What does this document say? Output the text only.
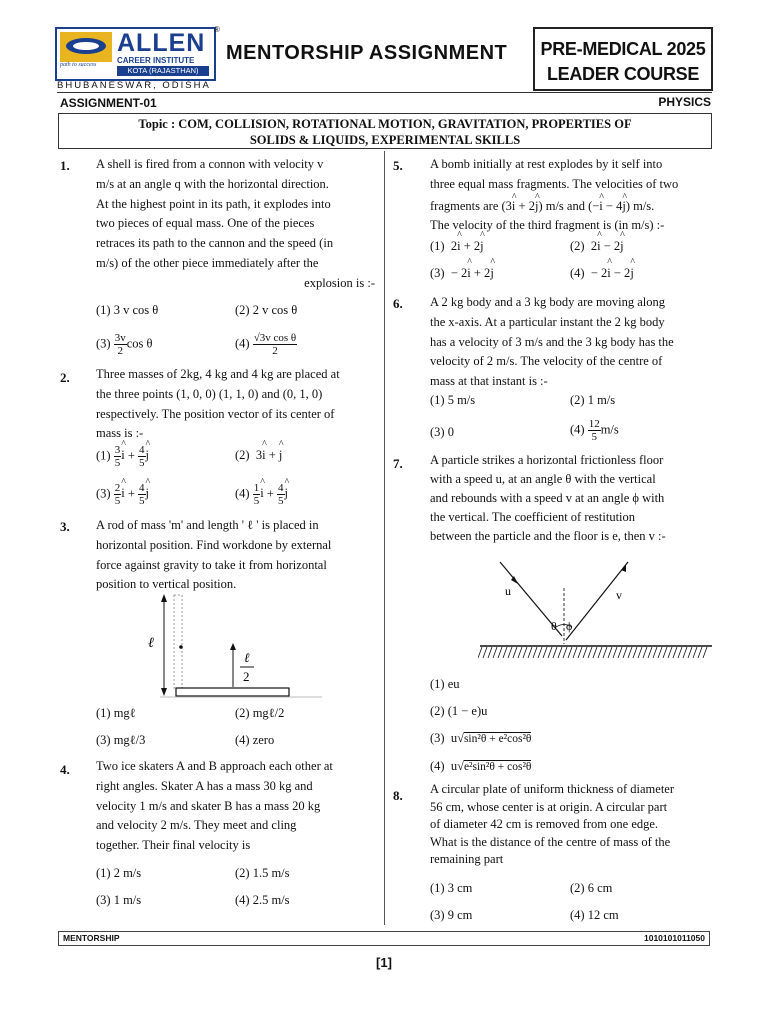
path to success
ALLEN
CAREER INSTITUTE
KOTA (RAJASTHAN)
®
BHUBANESWAR, ODISHA
MENTORSHIP ASSIGNMENT	PRE-MEDICAL 2025
LEADER COURSE
ASSIGNMENT-01	PHYSICS
Topic : COM, COLLISION, ROTATIONAL MOTION, GRAVITATION, PROPERTIES OF
SOLIDS & LIQUIDS, EXPERIMENTAL SKILLS
1. A shell is fired from a connon with velocity v
m/s at an angle q with the horizontal direction.
At the highest point in its path, it explodes into
two pieces of equal mass. One of the pieces
retraces its path to the cannon and the speed (in
m/s) of the other piece immediately after the
explosion is :-
(1) 3 v cos θ	(2) 2 v cos θ
$(3) \frac{3v}{2}$ cos θ	$(4) \frac{\text{√3v cos θ}}{2}$
2. Three masses of 2kg, 4 kg and 4 kg are placed at
the three points (1, 0, 0) (1, 1, 0) and (0, 1, 0)
respectively. The position vector of its center of
mass is :-
$(1) \frac{3}{5}$ ^ $i + \frac{4}{5}$ ^ j	(2) 3^ i + ^ j
$(3) \frac{2}{5}$ ^ $i + \frac{4}{5}$ ^ j	$(4) \frac{1}{5}$ ^ $i + \frac{4}{5}$ ^ j
3. A rod of mass 'm' and length ' ℓ ' is placed in
horizontal position. Find workdone by external
force against gravity to take it from horizontal
position to vertical position.
ℓ
ℓ
2
(1) mgℓ	(2) mgℓ/2
(3) mgℓ/3	(4) zero
4. Two ice skaters A and B approach each other at
right angles. Skater A has a mass 30 kg and
velocity 1 m/s and skater B has a mass 20 kg
and velocity 2 m/s. They meet and cling
together. Their final velocity is
(1) 2 m/s	(2) 1.5 m/s
(3) 1 m/s	(4) 2.5 m/s
5. A bomb initially at rest explodes by it self into
three equal mass fragments. The velocities of two
fragments are (3^ i + 2^ j) m/s and (−^ i − 4^ j) m/s.
The velocity of the third fragment is (in m/s) :-
(1) 2^ i + 2^ j	(2) 2^ i − 2^ j
(3) − 2^ i + 2^ j	(4) − 2^ i − 2^ j
6. A 2 kg body and a 3 kg body are moving along
the x-axis. At a particular instant the 2 kg body
has a velocity of 3 m/s and the 3 kg body has the
velocity of 2 m/s. The velocity of the centre of
mass at that instant is :-
(1) 5 m/s	(2) 1 m/s
(3) 0	$(4) \frac{12}{5} m/s$
7. A particle strikes a horizontal frictionless floor
with a speed u, at an angle θ with the vertical
and rebounds with a speed v at an angle ϕ with
the vertical. The coefficient of restitution
between the particle and the floor is e, then v :-
u	v
θ ϕ
(1) eu
(2) (1 − e)u
(3) u√sin²θ + e²cos²θ
(4) u√e²sin²θ + cos²θ
8. A circular plate of uniform thickness of diameter
56 cm, whose center is at origin. A circular part
of diameter 42 cm is removed from one edge.
What is the distance of the centre of mass of the
remaining part
(1) 3 cm	(2) 6 cm
(3) 9 cm	(4) 12 cm
MENTORSHIP	1010101011050
[1]
